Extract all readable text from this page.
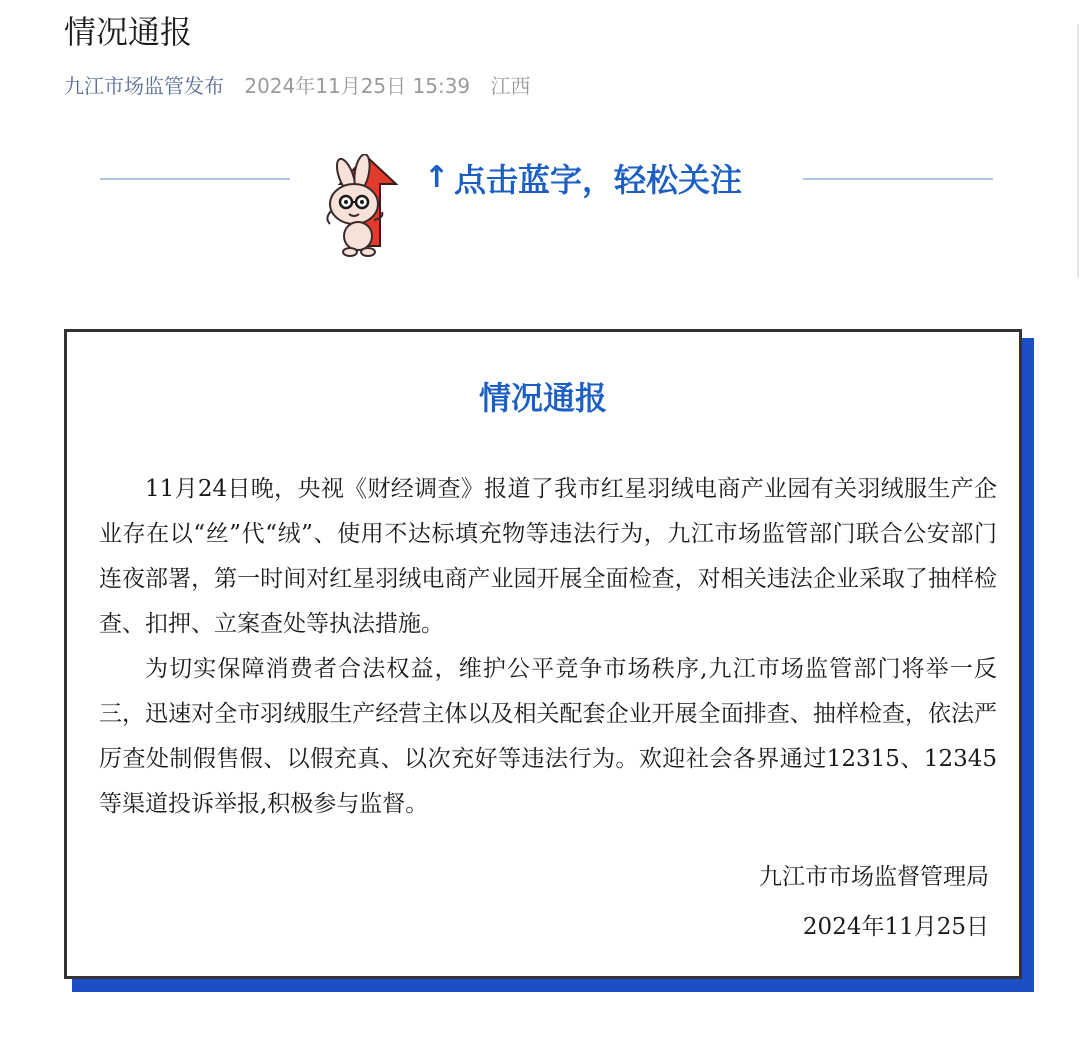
情况通报
九江市场监管发布 2024年11月25日 15:39 江西
↑ 点击蓝字，轻松关注
情况通报

11月24日晚，央视《财经调查》报道了我市红星羽绒电商产业园有关羽绒服生产企业存在以“丝”代“绒”、使用不达标填充物等违法行为，九江市场监管部门联合公安部门连夜部署，第一时间对红星羽绒电商产业园开展全面检查，对相关违法企业采取了抽样检查、扣押、立案查处等执法措施。

为切实保障消费者合法权益，维护公平竞争市场秩序,九江市场监管部门将举一反三，迅速对全市羽绒服生产经营主体以及相关配套企业开展全面排查、抽样检查，依法严厉查处制假售假、以假充真、以次充好等违法行为。欢迎社会各界通过12315、12345等渠道投诉举报,积极参与监督。

九江市市场监督管理局
2024年11月25日
